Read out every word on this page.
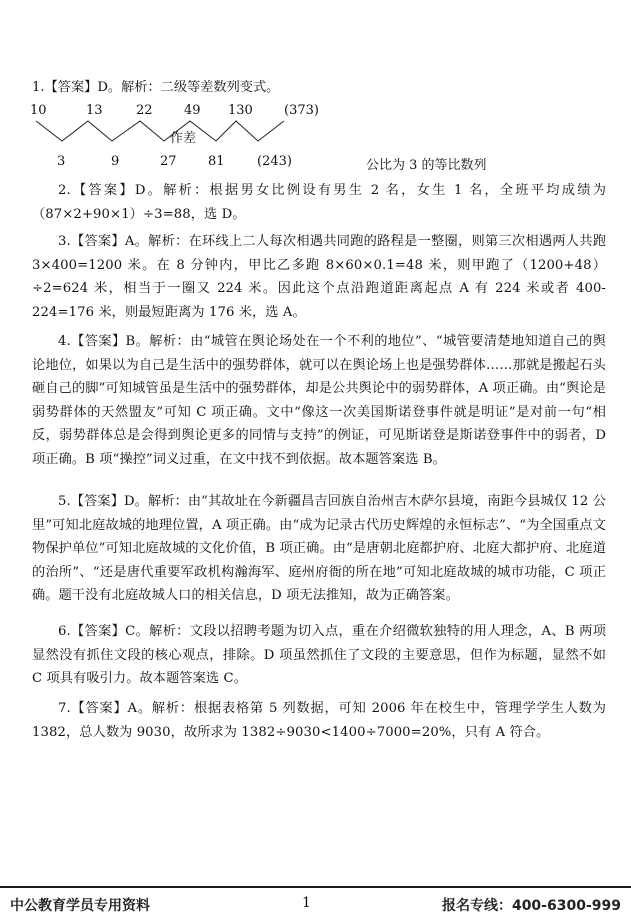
1.【答案】D。解析：二级等差数列变式。
10	13	22 49 130 (373)
作差
3	9	27 81 (243)	公比为 3 的等比数列
2.【答案】D。解析：根据男女比例设有男生 2 名，女生 1 名，全班平均成绩为（87×2+90×1）÷3=88，选 D。
3.【答案】A。解析：在环线上二人每次相遇共同跑的路程是一整圈，则第三次相遇两人共跑 3×400=1200 米。在 8 分钟内，甲比乙多跑 8×60×0.1=48 米，则甲跑了（1200+48）÷2=624 米，相当于一圈又 224 米。因此这个点沿跑道距离起点 A 有 224 米或者 400-224=176 米，则最短距离为 176 米，选 A。
4.【答案】B。解析：由“城管在舆论场处在一个不利的地位”、“城管要清楚地知道自己的舆论地位，如果以为自己是生活中的强势群体，就可以在舆论场上也是强势群体……那就是搬起石头砸自己的脚”可知城管虽是生活中的强势群体，却是公共舆论中的弱势群体，A 项正确。由“舆论是弱势群体的天然盟友”可知 C 项正确。文中“像这一次美国斯诺登事件就是明证”是对前一句“相反，弱势群体总是会得到舆论更多的同情与支持”的例证，可见斯诺登是斯诺登事件中的弱者，D 项正确。B 项“操控”词义过重，在文中找不到依据。故本题答案选 B。
5.【答案】D。解析：由“其故址在今新疆昌吉回族自治州吉木萨尔县境，南距今县城仅 12 公里”可知北庭故城的地理位置，A 项正确。由“成为记录古代历史辉煌的永恒标志”、“为全国重点文物保护单位”可知北庭故城的文化价值，B 项正确。由“是唐朝北庭都护府、北庭大都护府、北庭道的治所”、“还是唐代重要军政机构瀚海军、庭州府衙的所在地”可知北庭故城的城市功能，C 项正确。题干没有北庭故城人口的相关信息，D 项无法推知，故为正确答案。
6.【答案】C。解析：文段以招聘考题为切入点，重在介绍微软独特的用人理念，A、B 两项显然没有抓住文段的核心观点，排除。D 项虽然抓住了文段的主要意思，但作为标题，显然不如 C 项具有吸引力。故本题答案选 C。
7.【答案】A。解析：根据表格第 5 列数据，可知 2006 年在校生中，管理学学生人数为 1382，总人数为 9030，故所求为 1382÷9030<1400÷7000=20%，只有 A 符合。
中公教育学员专用资料	1	报名专线：400-6300-999
